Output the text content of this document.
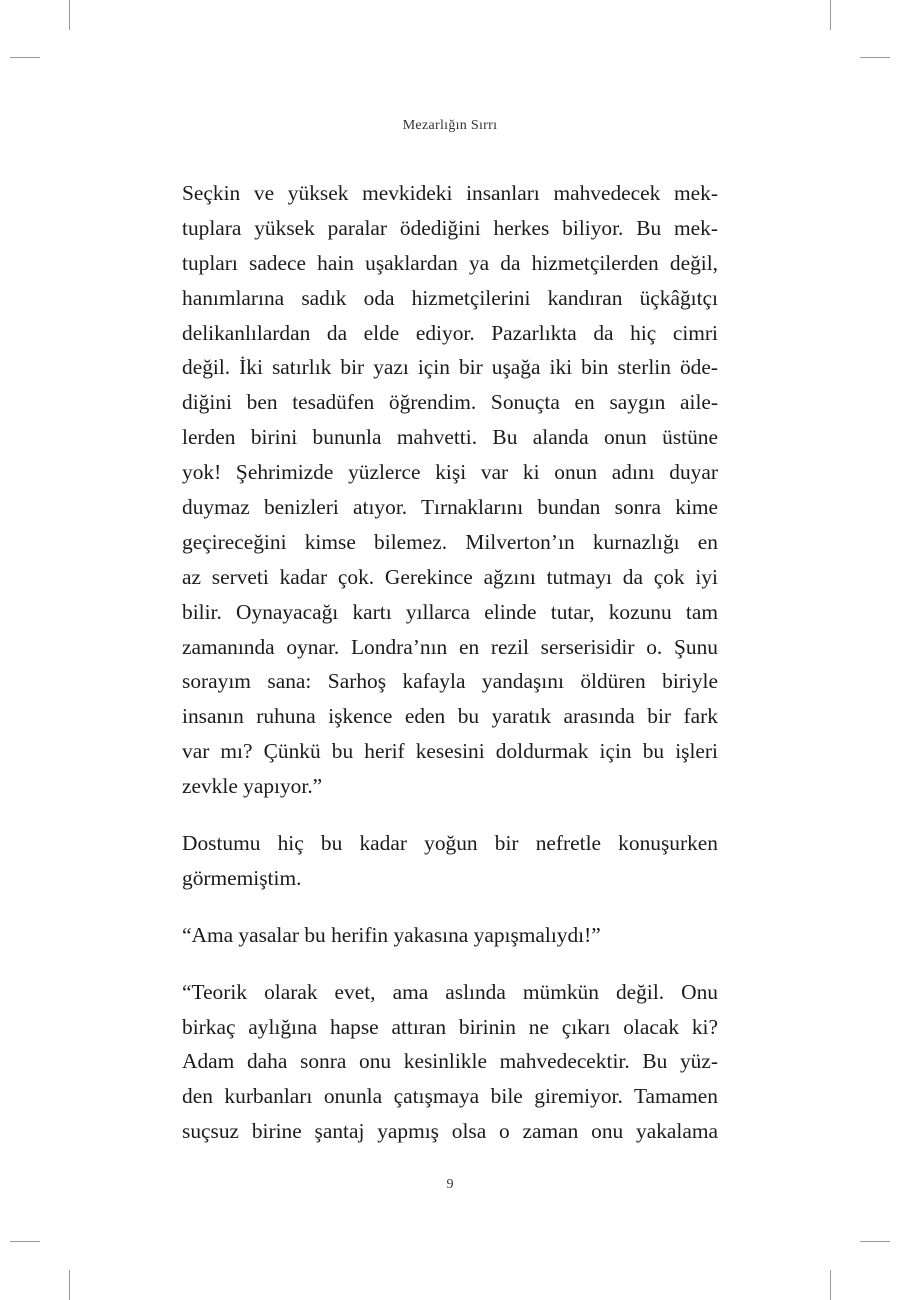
Mezarlığın Sırrı
Seçkin ve yüksek mevkideki insanları mahvedecek mek-
tuplara yüksek paralar ödediğini herkes biliyor. Bu mek-
tupları sadece hain uşaklardan ya da hizmetçilerden değil,
hanımlarına sadık oda hizmetçilerini kandıran üçkâğıtçı
delikanlılardan da elde ediyor. Pazarlıkta da hiç cimri
değil. İki satırlık bir yazı için bir uşağa iki bin sterlin öde-
diğini ben tesadüfen öğrendim. Sonuçta en saygın aile-
lerden birini bununla mahvetti. Bu alanda onun üstüne
yok! Şehrimizde yüzlerce kişi var ki onun adını duyar
duymaz benizleri atıyor. Tırnaklarını bundan sonra kime
geçireceğini kimse bilemez. Milverton’ın kurnazlığı en
az serveti kadar çok. Gerekince ağzını tutmayı da çok iyi
bilir. Oynayacağı kartı yıllarca elinde tutar, kozunu tam
zamanında oynar. Londra’nın en rezil serserisidir o. Şunu
sorayım sana: Sarhoş kafayla yandaşını öldüren biriyle
insanın ruhuna işkence eden bu yaratık arasında bir fark
var mı? Çünkü bu herif kesesini doldurmak için bu işleri
zevkle yapıyor.”
Dostumu hiç bu kadar yoğun bir nefretle konuşurken
görmemiştim.
“Ama yasalar bu herifin yakasına yapışmalıydı!”
“Teorik olarak evet, ama aslında mümkün değil. Onu
birkaç aylığına hapse attıran birinin ne çıkarı olacak ki?
Adam daha sonra onu kesinlikle mahvedecektir. Bu yüz-
den kurbanları onunla çatışmaya bile giremiyor. Tamamen
suçsuz birine şantaj yapmış olsa o zaman onu yakalama
9
